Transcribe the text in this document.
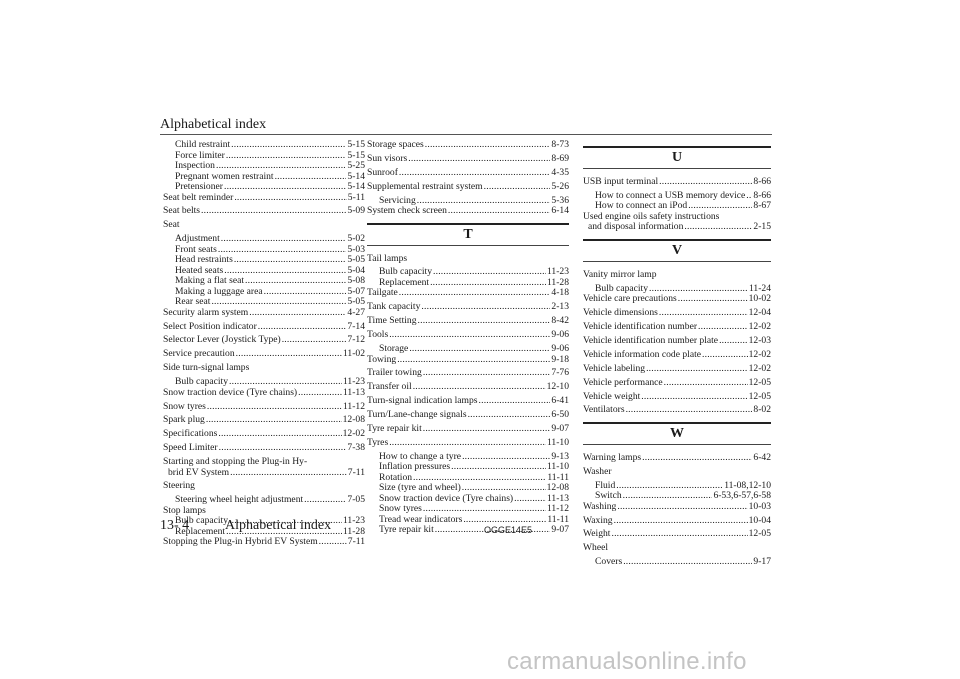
Alphabetical index
Child restraint .....	5-15
Force limiter .....	5-15
Inspection .....	5-25
Pregnant women restraint .....	5-14
Pretensioner .....	5-14
Seat belt reminder .....	5-11
Seat belts .....	5-09
Seat
Adjustment .....	5-02
Front seats .....	5-03
Head restraints .....	5-05
Heated seats .....	5-04
Making a flat seat .....	5-08
Making a luggage area .....	5-07
Rear seat .....	5-05
Security alarm system .....	4-27
Select Position indicator .....	7-14
Selector Lever (Joystick Type) .....	7-12
Service precaution .....	11-02
Side turn-signal lamps
Bulb capacity .....	11-23
Snow traction device (Tyre chains) .....	11-13
Snow tyres .....	11-12
Spark plug .....	12-08
Specifications .....	12-02
Speed Limiter .....	7-38
Starting and stopping the Plug-in Hy-
brid EV System .....	7-11
Steering
Steering wheel height adjustment .....	7-05
Stop lamps
Bulb capacity .....	11-23
Replacement .....	11-28
Stopping the Plug-in Hybrid EV System .....	7-11
Storage spaces .....	8-73
Sun visors .....	8-69
Sunroof .....	4-35
Supplemental restraint system .....	5-26
Servicing .....	5-36
System check screen .....	6-14
T
Tail lamps
Bulb capacity .....	11-23
Replacement .....	11-28
Tailgate .....	4-18
Tank capacity .....	2-13
Time Setting .....	8-42
Tools .....	9-06
Storage .....	9-06
Towing .....	9-18
Trailer towing .....	7-76
Transfer oil .....	12-10
Turn-signal indication lamps .....	6-41
Turn/Lane-change signals .....	6-50
Tyre repair kit .....	9-07
Tyres .....	11-10
How to change a tyre .....	9-13
Inflation pressures .....	11-10
Rotation .....	11-11
Size (tyre and wheel) .....	12-08
Snow traction device (Tyre chains) .....	11-13
Snow tyres .....	11-12
Tread wear indicators .....	11-11
Tyre repair kit .....	9-07
U
USB input terminal .....	8-66
How to connect a USB memory device ..... 8-66
How to connect an iPod .....	8-67
Used engine oils safety instructions
and disposal information .....	2-15
V
Vanity mirror lamp
Bulb capacity .....	11-24
Vehicle care precautions .....	10-02
Vehicle dimensions .....	12-04
Vehicle identification number .....	12-02
Vehicle identification number plate .....	12-03
Vehicle information code plate .....	12-02
Vehicle labeling .....	12-02
Vehicle performance .....	12-05
Vehicle weight .....	12-05
Ventilators .....	8-02
W
Warning lamps .....	6-42
Washer
Fluid .....	11-08,12-10
Switch .....	6-53,6-57,6-58
Washing .....	10-03
Waxing .....	10-04
Weight .....	12-05
Wheel
Covers .....	9-17
13- 4	Alphabetical index	OGGE14E5
carmanualsonline.info
